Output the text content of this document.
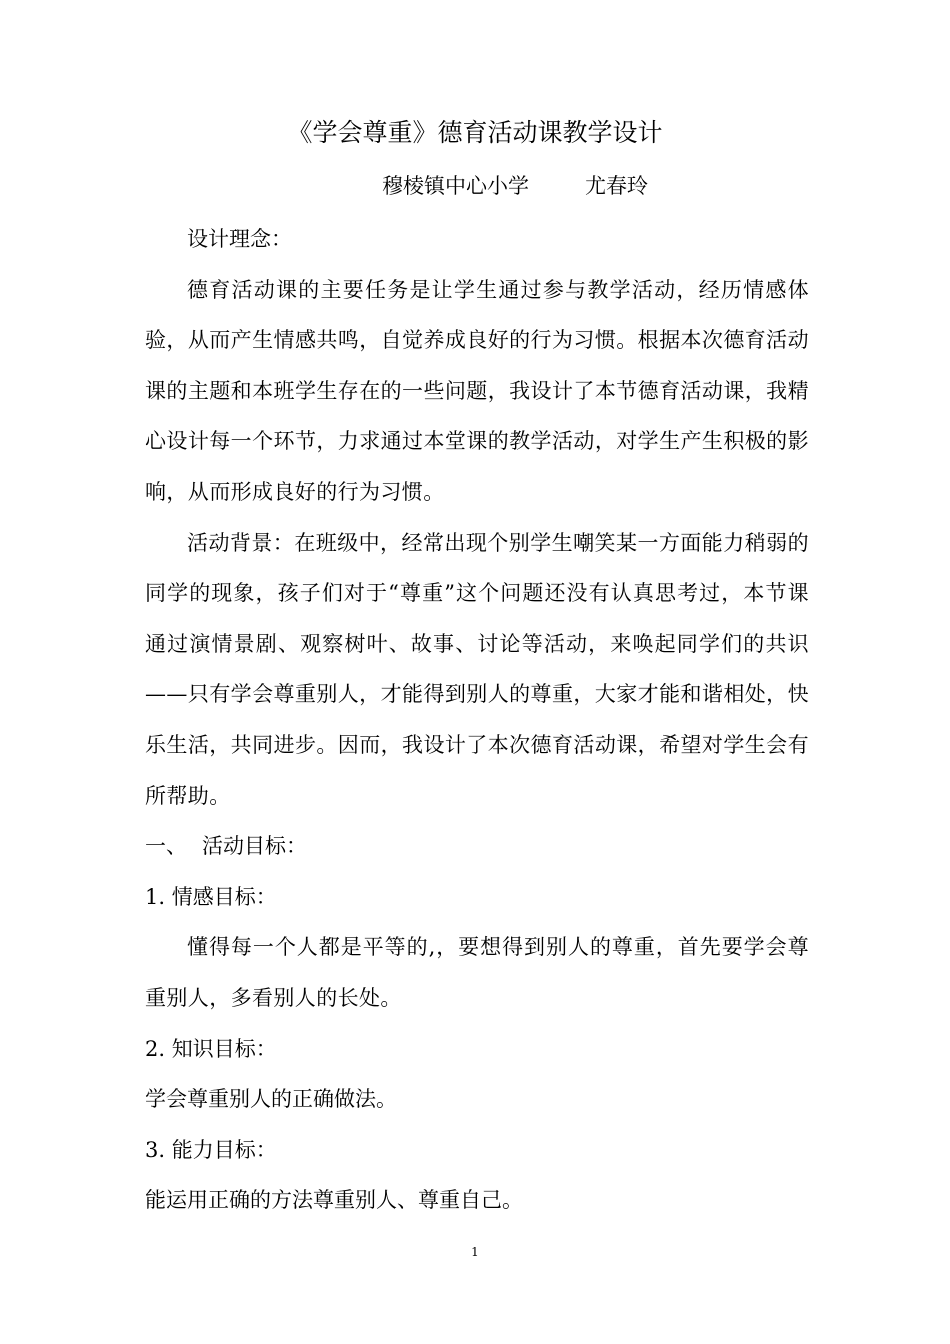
《学会尊重》德育活动课教学设计
穆棱镇中心小学	尤春玲

设计理念：

德育活动课的主要任务是让学生通过参与教学活动，经历情感体验，从而产生情感共鸣，自觉养成良好的行为习惯。根据本次德育活动课的主题和本班学生存在的一些问题，我设计了本节德育活动课，我精心设计每一个环节，力求通过本堂课的教学活动，对学生产生积极的影响，从而形成良好的行为习惯。

活动背景：在班级中，经常出现个别学生嘲笑某一方面能力稍弱的同学的现象，孩子们对于“尊重”这个问题还没有认真思考过，本节课通过演情景剧、观察树叶、故事、讨论等活动，来唤起同学们的共识——只有学会尊重别人，才能得到别人的尊重，大家才能和谐相处，快乐生活，共同进步。因而，我设计了本次德育活动课，希望对学生会有所帮助。

一、 活动目标：

1. 情感目标：

懂得每一个人都是平等的,，要想得到别人的尊重，首先要学会尊重别人，多看别人的长处。

2. 知识目标：

学会尊重别人的正确做法。

3. 能力目标：

能运用正确的方法尊重别人、尊重自己。

1
